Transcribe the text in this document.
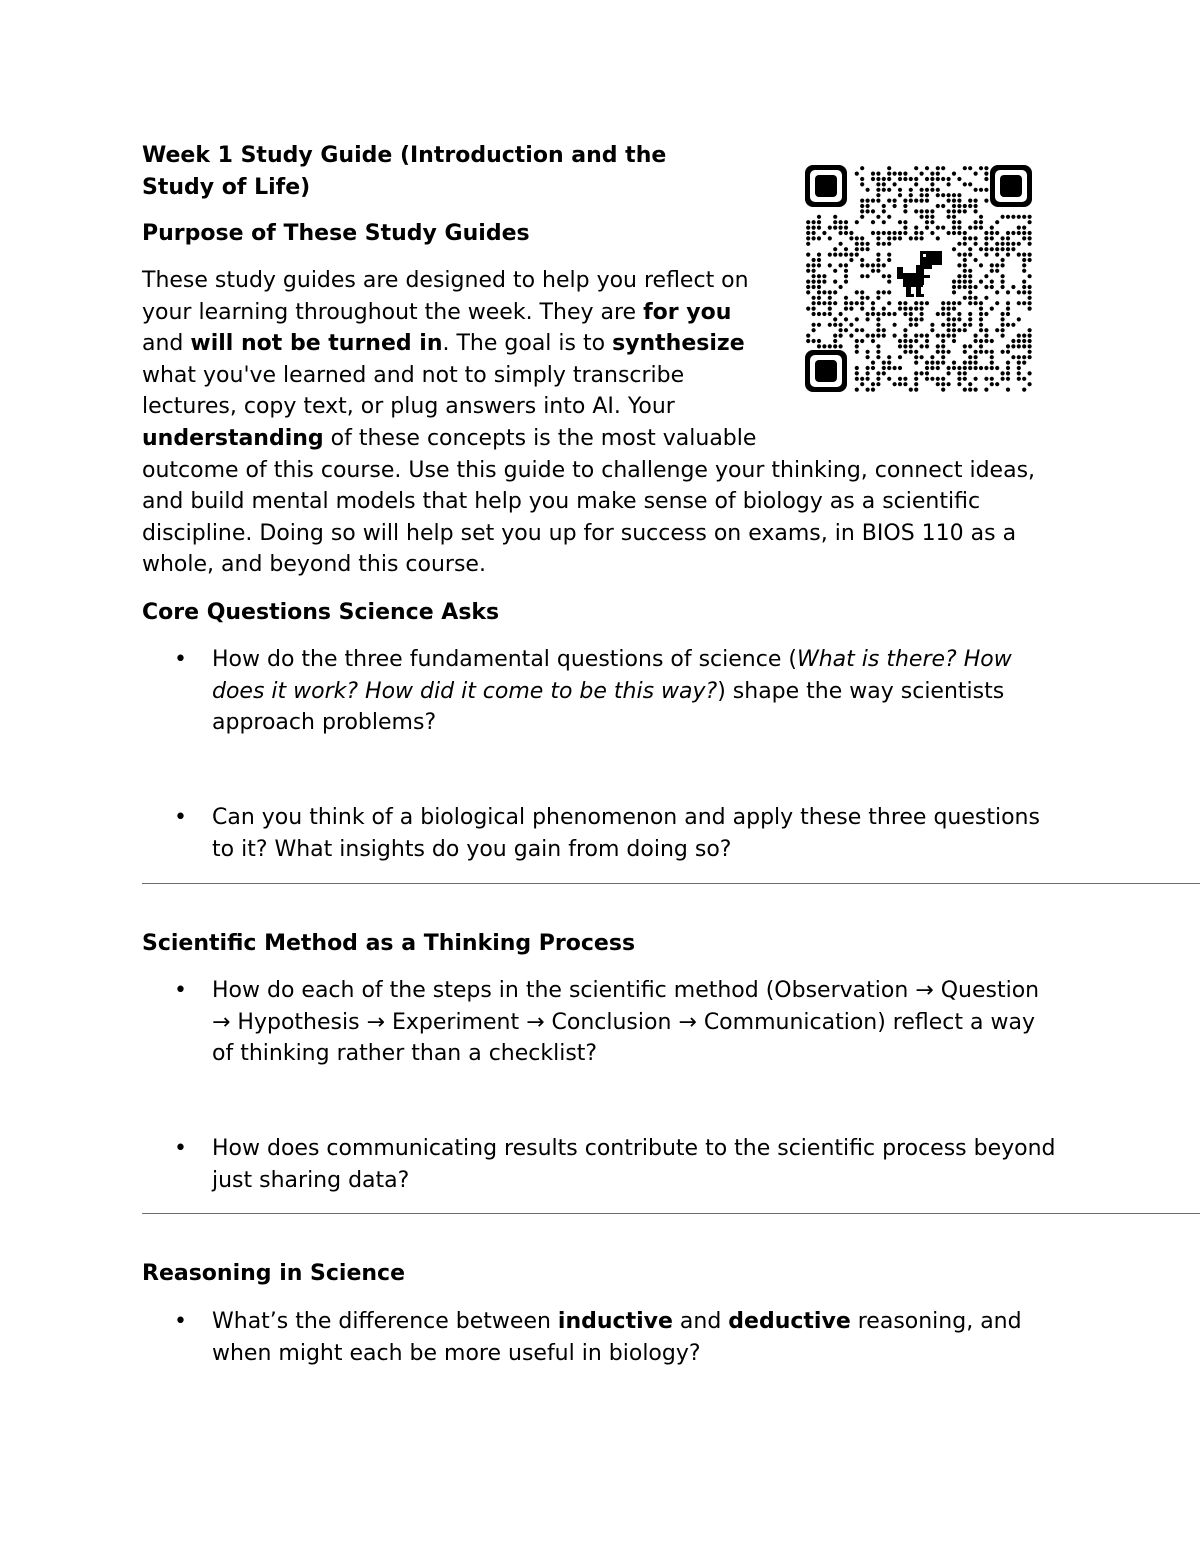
Week 1 Study Guide (Introduction and the Study of Life)
Purpose of These Study Guides

These study guides are designed to help you reflect on your learning throughout the week. They are for you and will not be turned in. The goal is to synthesize what you've learned and not to simply transcribe lectures, copy text, or plug answers into AI. Your understanding of these concepts is the most valuable outcome of this course. Use this guide to challenge your thinking, connect ideas, and build mental models that help you make sense of biology as a scientific discipline. Doing so will help set you up for success on exams, in BIOS 110 as a whole, and beyond this course.

Core Questions Science Asks
• How do the three fundamental questions of science (What is there? How does it work? How did it come to be this way?) shape the way scientists approach problems?
• Can you think of a biological phenomenon and apply these three questions to it? What insights do you gain from doing so?
Scientific Method as a Thinking Process
• How do each of the steps in the scientific method (Observation → Question → Hypothesis → Experiment → Conclusion → Communication) reflect a way of thinking rather than a checklist?
• How does communicating results contribute to the scientific process beyond just sharing data?
Reasoning in Science
• What’s the difference between inductive and deductive reasoning, and when might each be more useful in biology?
